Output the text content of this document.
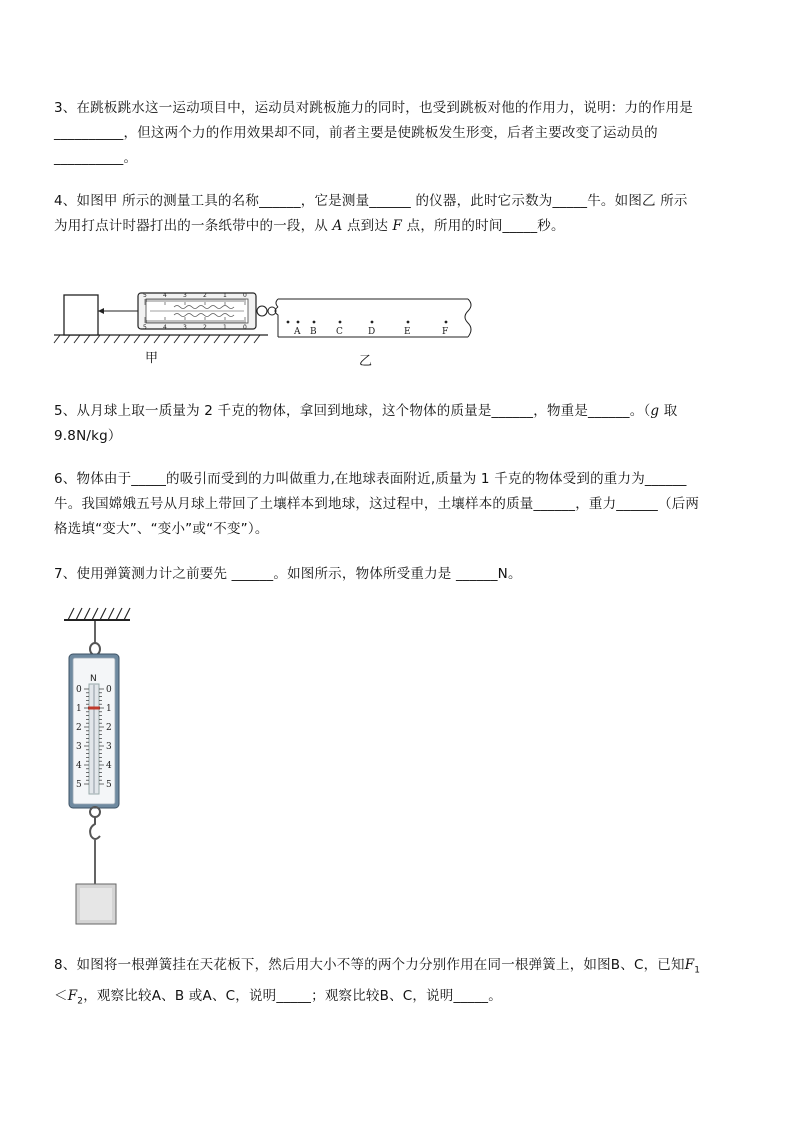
3、在跳板跳水这一运动项目中，运动员对跳板施力的同时，也受到跳板对他的作用力，说明：力的作用是

__________，但这两个力的作用效果却不同，前者主要是使跳板发生形变，后者主要改变了运动员的

__________。

4、如图甲 所示的测量工具的名称______，它是测量______ 的仪器，此时它示数为_____牛。如图乙 所示

为用打点计时器打出的一条纸带中的一段，从 A 点到达 F 点，所用的时间_____秒。

5	4	3	2	1	0
5	4	3	2	1	0	A B C	D	E	F
甲	乙

5、从月球上取一质量为 2 千克的物体，拿回到地球，这个物体的质量是______，物重是______。（g 取

9.8N/kg）

6、物体由于_____的吸引而受到的力叫做重力,在地球表面附近,质量为 1 千克的物体受到的重力为______

牛。我国嫦娥五号从月球上带回了土壤样本到地球，这过程中，土壤样本的质量______，重力______（后两

格选填“变大”、“变小”或“不变”）。

7、使用弹簧测力计之前要先 ______。如图所示，物体所受重力是 ______N。

N
0
1
2
3
4
5
0
1
2
3
4
5

8、如图将一根弹簧挂在天花板下，然后用大小不等的两个力分别作用在同一根弹簧上，如图B、C，已知$F_1$

$<F_2$，观察比较A、B 或A、C，说明_____；观察比较B、C，说明_____。
